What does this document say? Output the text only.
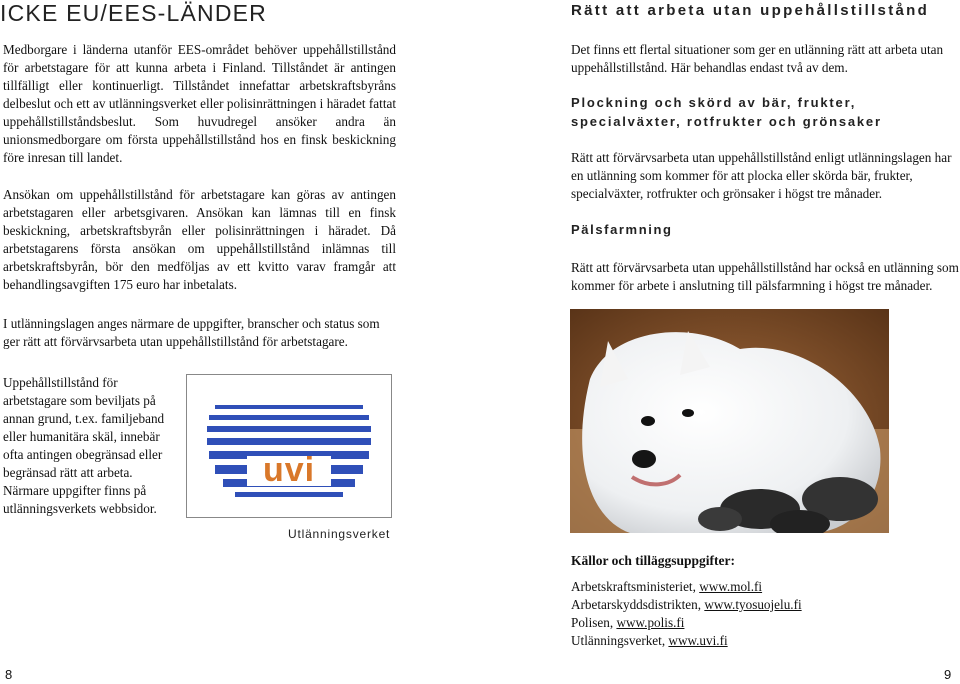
ICKE EU/EES-LÄNDER

Medborgare i länderna utanför EES-området behöver uppehållstillstånd för arbetstagare för att kunna arbeta i Finland. Tillståndet är antingen tillfälligt eller kontinuerligt. Tillståndet innefattar arbetskraftsbyråns delbeslut och ett av utlänningsverket eller polisinrättningen i häradet fattat uppehållstillståndsbeslut. Som huvudregel ansöker andra än unionsmedborgare om första uppehållstillstånd hos en finsk beskickning före inresan till landet.

Ansökan om uppehållstillstånd för arbetstagare kan göras av antingen arbetstagaren eller arbetsgivaren. Ansökan kan lämnas till en finsk beskickning, arbetskraftsbyrån eller polisinrättningen i häradet. Då arbetstagarens första ansökan om uppehållstillstånd inlämnas till arbetskraftsbyrån, bör den medföljas av ett kvitto varav framgår att behandlingsavgiften 175 euro har inbetalats.

I utlänningslagen anges närmare de uppgifter, branscher och status som ger rätt att förvärvsarbeta utan uppehållstillstånd för arbetstagare.

Uppehållstillstånd för arbetstagare som beviljats på annan grund, t.ex. familjeband eller humanitära skäl, innebär ofta antingen obegränsad eller begränsad rätt att arbeta. Närmare uppgifter finns på utlänningsverkets webbsidor.

uvi
Utlänningsverket
8
Rätt att arbeta utan uppehållstillstånd

Det finns ett flertal situationer som ger en utlänning rätt att arbeta utan uppehållstillstånd. Här behandlas endast två av dem.

Plockning och skörd av bär, frukter, specialväxter, rotfrukter och grönsaker

Rätt att förvärvsarbeta utan uppehållstillstånd enligt utlänningslagen har en utlänning som kommer för att plocka eller skörda bär, frukter, specialväxter, rotfrukter och grönsaker i högst tre månader.

Pälsfarmning

Rätt att förvärvsarbeta utan uppehållstillstånd har också en utlänning som kommer för arbete i anslutning till pälsfarmning i högst tre månader.

Källor och tilläggsuppgifter:
Arbetskraftsministeriet, www.mol.fi
Arbetarskyddsdistrikten, www.tyosuojelu.fi
Polisen, www.polis.fi
Utlänningsverket, www.uvi.fi
9
